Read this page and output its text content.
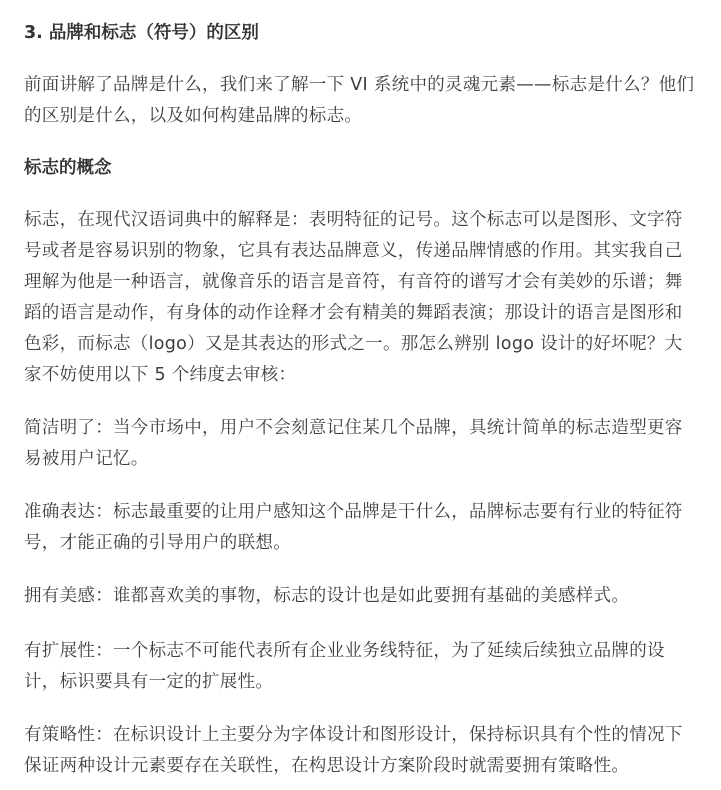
3. 品牌和标志（符号）的区别

前面讲解了品牌是什么，我们来了解一下 VI 系统中的灵魂元素——标志是什么？他们的区别是什么，以及如何构建品牌的标志。

标志的概念

标志，在现代汉语词典中的解释是：表明特征的记号。这个标志可以是图形、文字符号或者是容易识别的物象，它具有表达品牌意义，传递品牌情感的作用。其实我自己理解为他是一种语言，就像音乐的语言是音符，有音符的谱写才会有美妙的乐谱；舞蹈的语言是动作，有身体的动作诠释才会有精美的舞蹈表演；那设计的语言是图形和色彩，而标志（logo）又是其表达的形式之一。那怎么辨别 logo 设计的好坏呢？大家不妨使用以下 5 个纬度去审核：

简洁明了：当今市场中，用户不会刻意记住某几个品牌，具统计简单的标志造型更容易被用户记忆。

准确表达：标志最重要的让用户感知这个品牌是干什么，品牌标志要有行业的特征符号，才能正确的引导用户的联想。

拥有美感：谁都喜欢美的事物，标志的设计也是如此要拥有基础的美感样式。

有扩展性：一个标志不可能代表所有企业业务线特征，为了延续后续独立品牌的设计，标识要具有一定的扩展性。

有策略性：在标识设计上主要分为字体设计和图形设计，保持标识具有个性的情况下保证两种设计元素要存在关联性，在构思设计方案阶段时就需要拥有策略性。
